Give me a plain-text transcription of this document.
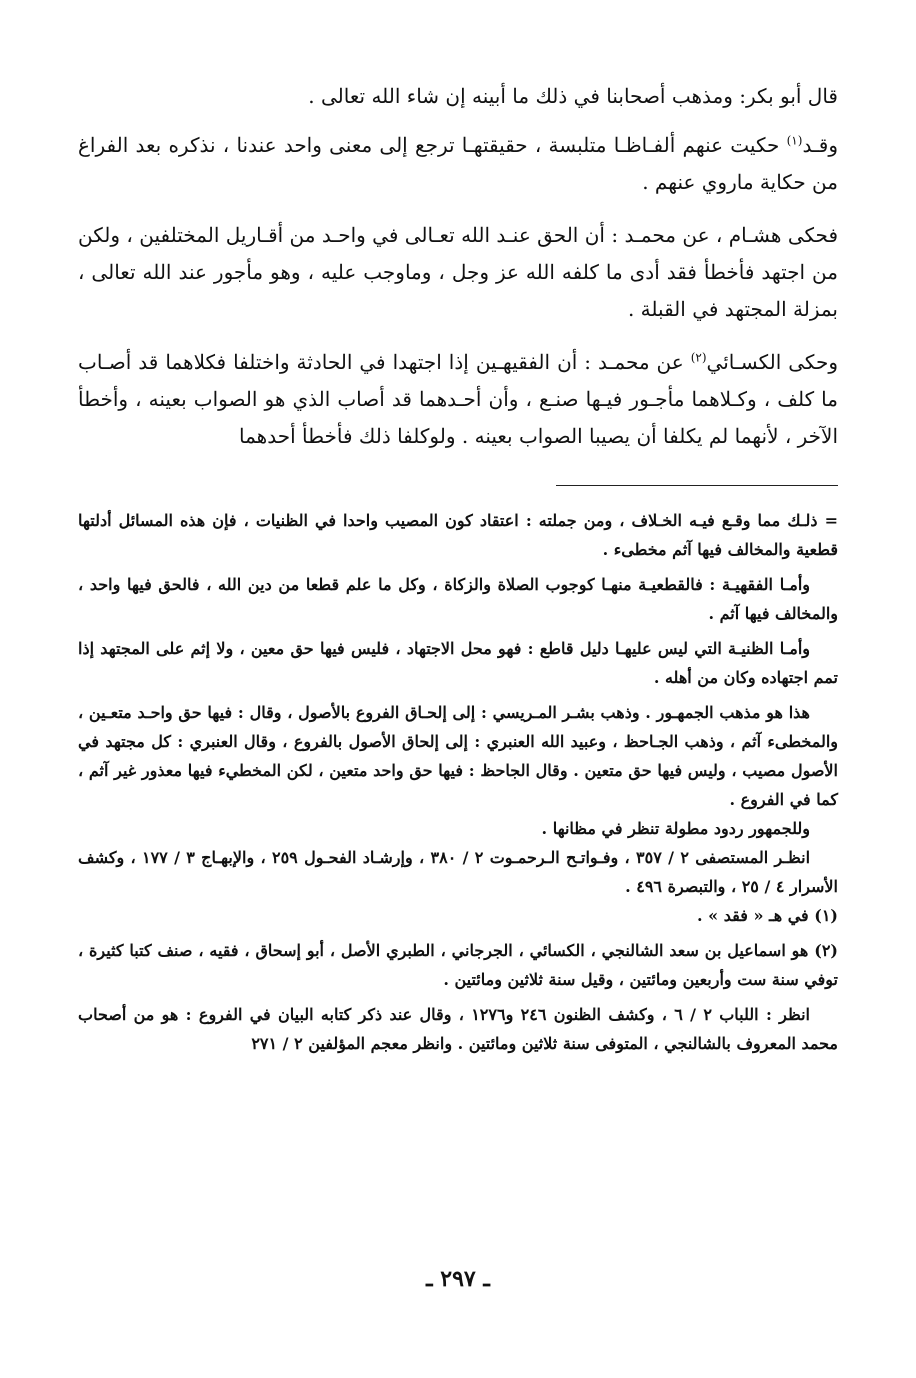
قال أبو بكر: ومذهب أصحابنا في ذلك ما أبينه إن شاء الله تعالى .

وقـد$^{(١)}$ حكيت عنهم ألفـاظـا متلبسة ، حقيقتهـا ترجع إلى معنى واحد عندنا ، نذكره بعد الفراغ من حكاية ماروي عنهم .

فحكى هشـام ، عن محمـد : أن الحق عنـد الله تعـالى في واحـد من أقـاريل المختلفين ، ولكن من اجتهد فأخطأ فقد أدى ما كلفه الله عز وجل ، وماوجب عليه ، وهو مأجور عند الله تعالى ، بمزلة المجتهد في القبلة .

وحكى الكسـائي$^{(٢)}$ عن محمـد : أن الفقيهـين إذا اجتهدا في الحادثة واختلفا فكلاهما قد أصـاب ما كلف ، وكـلاهما مأجـور فيـها صنـع ، وأن أحـدهما قد أصاب الذي هو الصواب بعينه ، وأخطأ الآخر ، لأنهما لم يكلفا أن يصيبا الصواب بعينه . ولوكلفا ذلك فأخطأ أحدهما

= ذلـك مما وقـع فيـه الخـلاف ، ومن جملته : اعتقاد كون المصيب واحدا في الظنيات ، فإن هذه المسائل أدلتها قطعية والمخالف فيها آثم مخطىء .

وأمـا الفقهيـة : فالقطعيـة منهـا كوجوب الصلاة والزكاة ، وكل ما علم قطعا من دين الله ، فالحق فيها واحد ، والمخالف فيها آثم .

وأمـا الظنيـة التي ليس عليهـا دليل قاطع : فهو محل الاجتهاد ، فليس فيها حق معين ، ولا إثم على المجتهد إذا تمم اجتهاده وكان من أهله .

هذا هو مذهب الجمهـور . وذهب بشـر المـريسي : إلى إلحـاق الفروع بالأصول ، وقال : فيها حق واحـد متعـين ، والمخطىء آثم ، وذهب الجـاحظ ، وعبيد الله العنبري : إلى إلحاق الأصول بالفروع ، وقال العنبري : كل مجتهد في الأصول مصيب ، وليس فيها حق متعين . وقال الجاحظ : فيها حق واحد متعين ، لكن المخطيء فيها معذور غير آثم ، كما في الفروع .

وللجمهور ردود مطولة تنظر في مظانها .

انظـر المستصفى ٢ / ٣٥٧ ، وفـواتـح الـرحمـوت ٢ / ٣٨٠ ، وإرشـاد الفحـول ٢٥٩ ، والإبهـاج ٣ / ١٧٧ ، وكشف الأسرار ٤ / ٢٥ ، والتبصرة ٤٩٦ .

(١) في هـ « فقد » .

(٢) هو اسماعيل بن سعد الشالنجي ، الكسائي ، الجرجاني ، الطبري الأصل ، أبو إسحاق ، فقيه ، صنف كتبا كثيرة ، توفي سنة ست وأربعين ومائتين ، وقيل سنة ثلاثين ومائتين .

انظر : اللباب ٢ / ٦ ، وكشف الظنون ٢٤٦ و١٢٧٦ ، وقال عند ذكر كتابه البيان في الفروع : هو من أصحاب محمد المعروف بالشالنجي ، المتوفى سنة ثلاثين ومائتين . وانظر معجم المؤلفين ٢ / ٢٧١

ـ ٢٩٧ ـ
